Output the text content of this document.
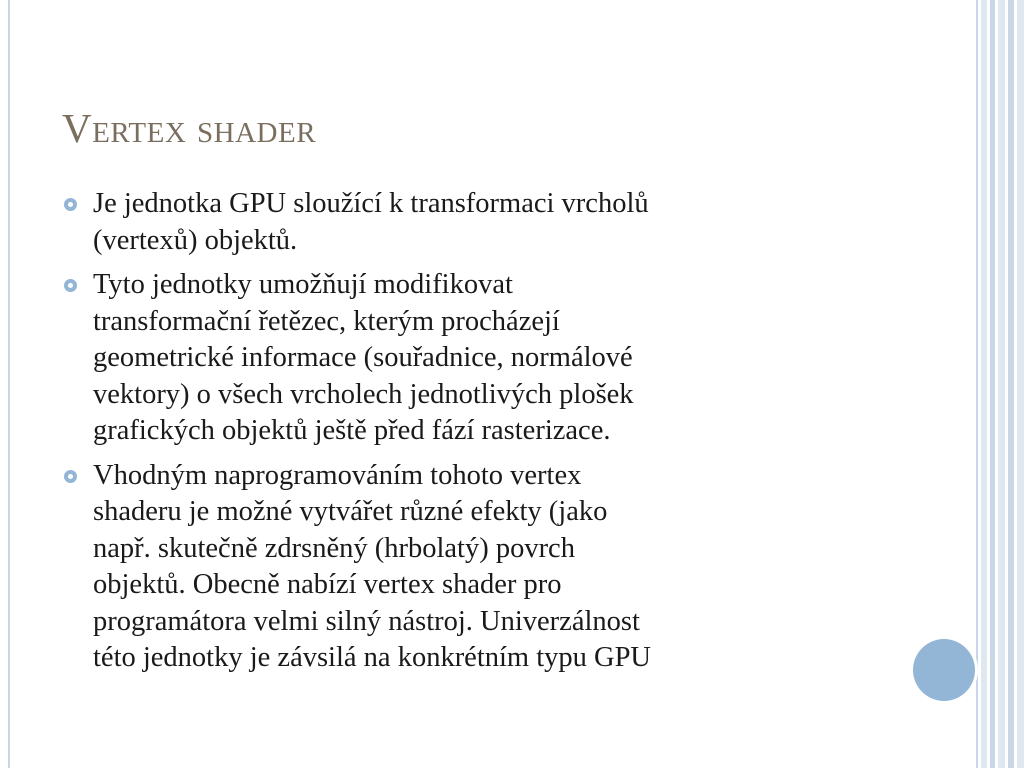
Vertex shader
Je jednotka GPU sloužící k transformaci vrcholů
(vertexů) objektů.
Tyto jednotky umožňují modifikovat
transformační řetězec, kterým procházejí
geometrické informace (souřadnice, normálové
vektory) o všech vrcholech jednotlivých plošek
grafických objektů ještě před fází rasterizace.
Vhodným naprogramováním tohoto vertex
shaderu je možné vytvářet různé efekty (jako
např. skutečně zdrsněný (hrbolatý) povrch
objektů. Obecně nabízí vertex shader pro
programátora velmi silný nástroj. Univerzálnost
této jednotky je závsilá na konkrétním typu GPU
